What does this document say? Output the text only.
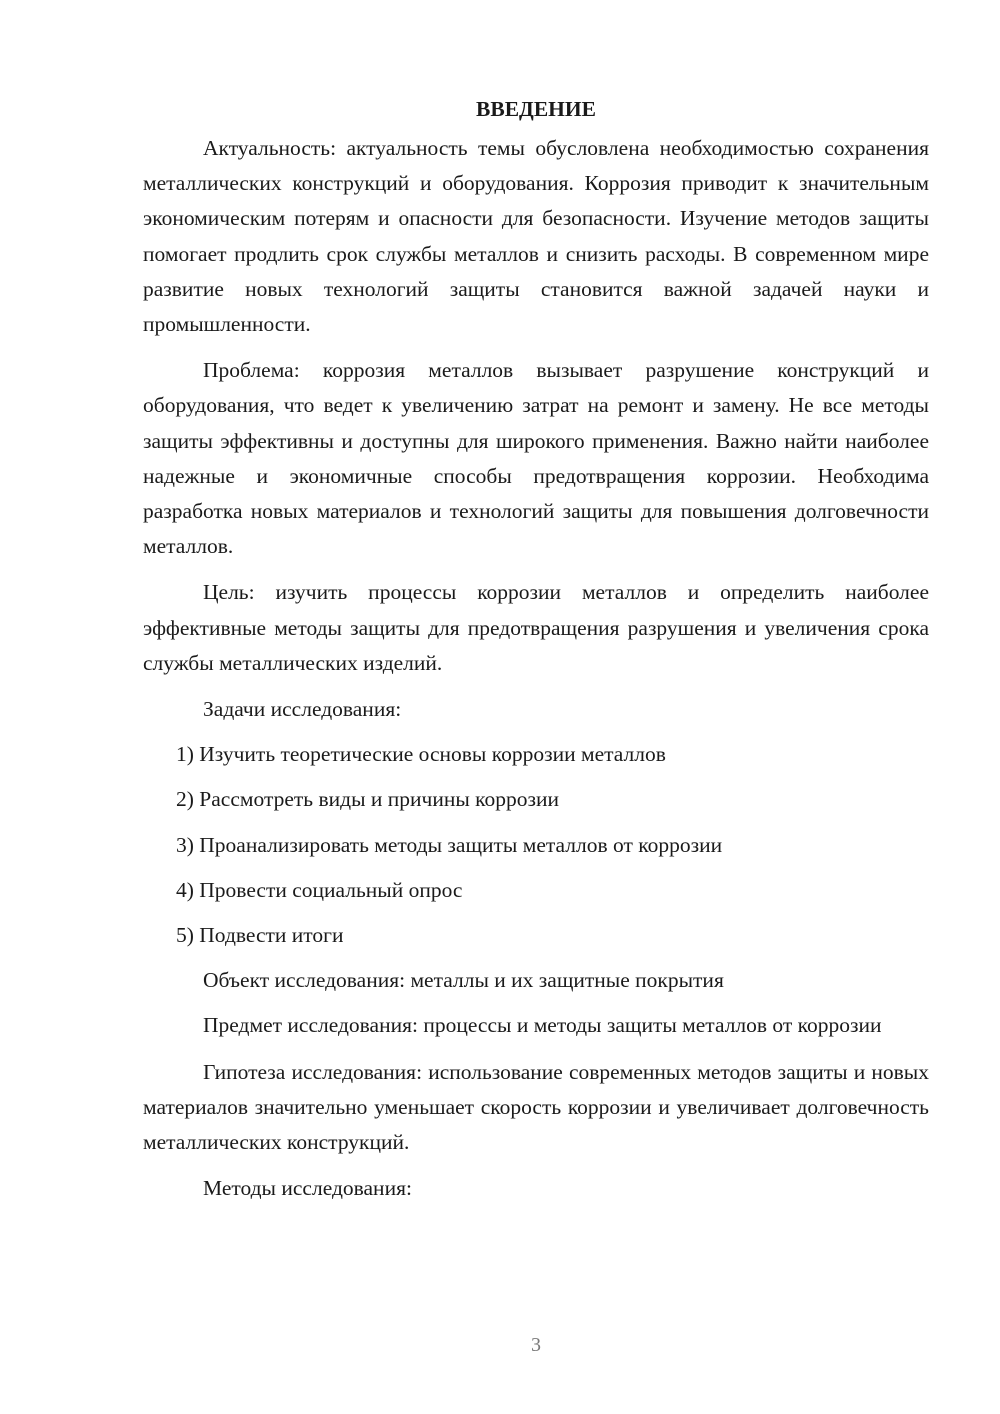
ВВЕДЕНИЕ

Актуальность: актуальность темы обусловлена необходимостью сохранения металлических конструкций и оборудования. Коррозия приводит к значительным экономическим потерям и опасности для безопасности. Изучение методов защиты помогает продлить срок службы металлов и снизить расходы. В современном мире развитие новых технологий защиты становится важной задачей науки и промышленности.

Проблема: коррозия металлов вызывает разрушение конструкций и оборудования, что ведет к увеличению затрат на ремонт и замену. Не все методы защиты эффективны и доступны для широкого применения. Важно найти наиболее надежные и экономичные способы предотвращения коррозии. Необходима разработка новых материалов и технологий защиты для повышения долговечности металлов.

Цель: изучить процессы коррозии металлов и определить наиболее эффективные методы защиты для предотвращения разрушения и увеличения срока службы металлических изделий.

Задачи исследования:

1) Изучить теоретические основы коррозии металлов

2) Рассмотреть виды и причины коррозии

3) Проанализировать методы защиты металлов от коррозии

4) Провести социальный опрос

5) Подвести итоги

Объект исследования: металлы и их защитные покрытия

Предмет исследования: процессы и методы защиты металлов от коррозии

Гипотеза исследования: использование современных методов защиты и новых материалов значительно уменьшает скорость коррозии и увеличивает долговечность металлических конструкций.

Методы исследования:

3
